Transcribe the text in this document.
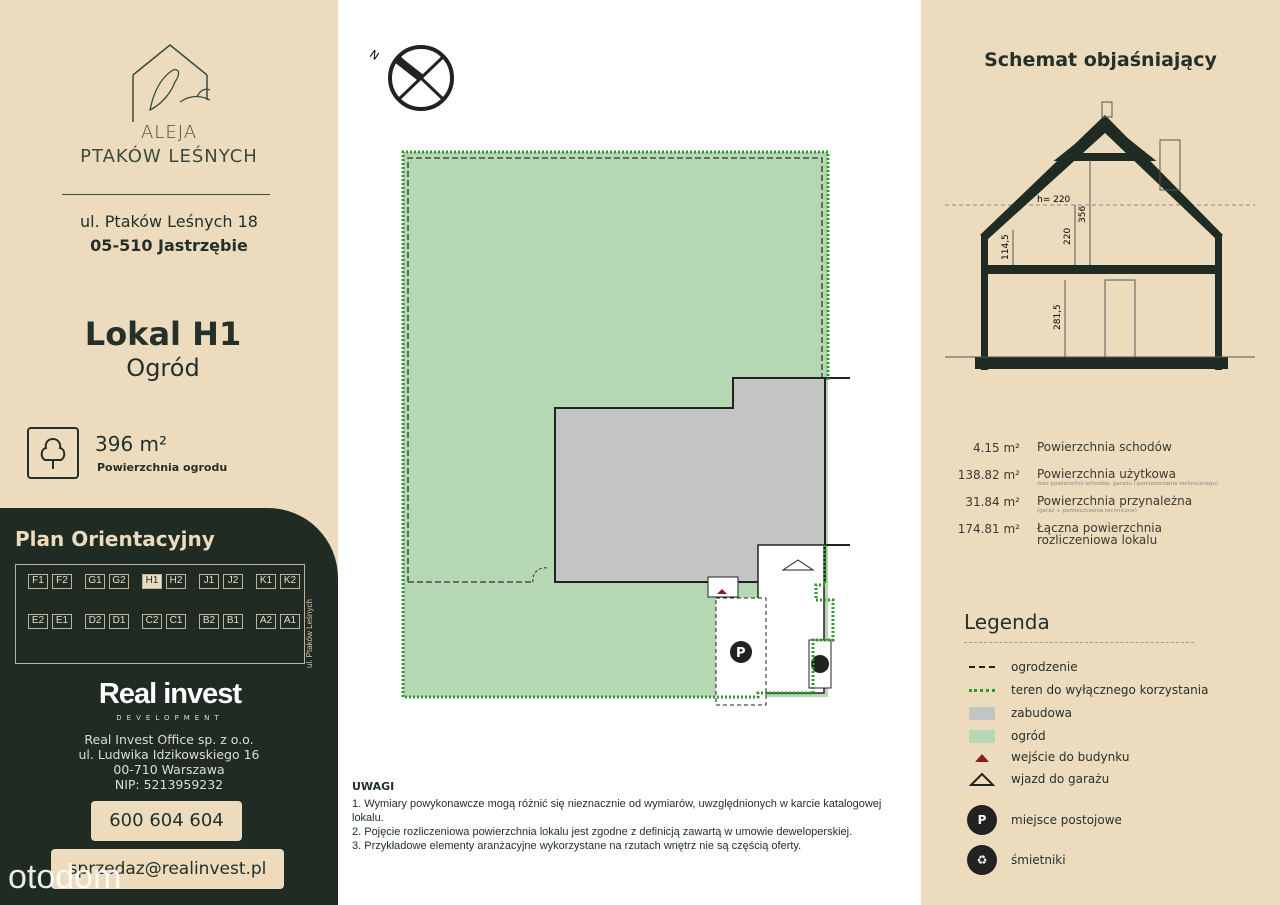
ALEJA
PTAKÓW LEŚNYCH
ul. Ptaków Leśnych 18
05-510 Jastrzębie
Lokal H1
Ogród
396 m²
Powierzchnia ogrodu
Plan Orientacyjny
F1	F2	G1	G2	H1	H2	J1	J2	K1	K2
E2	E1	D2	D1	C2	C1	B2	B1	A2	A1	ul. Ptaków Leśnych
Real invest
DEVELOPMENT
Real Invest Office sp. z o.o.
ul. Ludwika Idzikowskiego 16
00-710 Warszawa
NIP: 5213959232
600 604 604
sprzedaz@realinvest.pl
otodom
N
P
UWAGI
1. Wymiary powykonawcze mogą różnić się nieznacznie od wymiarów, uwzględnionych w karcie katalogowej lokalu.
2. Pojęcie rozliczeniowa powierzchnia lokalu jest zgodne z definicją zawartą w umowie deweloperskiej.
3. Przykładowe elementy aranżacyjne wykorzystane na rzutach wnętrz nie są częścią oferty.
Schemat objaśniający
h= 220
356
220
114,5
281,5
4.15 m² Powierzchnia schodów
138.82 m² Powierzchnia użytkowa
(bez powierzchni schodów, garażu i pomieszczenia technicznego)
31.84 m² Powierzchnia przynależna
(garaż + pomieszczenie techniczne)
174.81 m² Łączna powierzchnia rozliczeniowa lokalu
Legenda
ogrodzenie
teren do wyłącznego korzystania
zabudowa
ogród
wejście do budynku
wjazd do garażu
P	miejsce postojowe
♻	śmietniki
